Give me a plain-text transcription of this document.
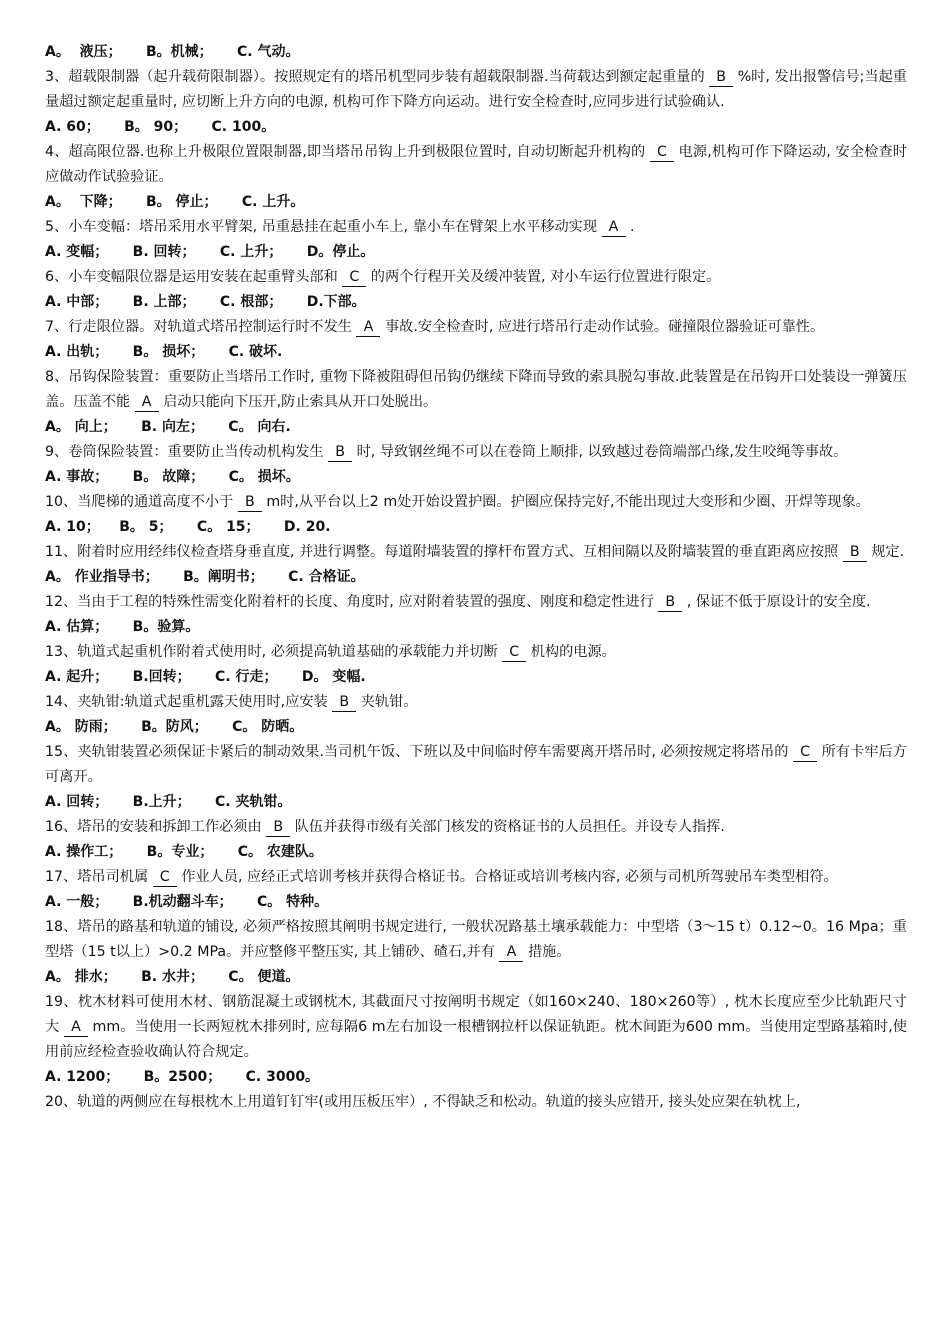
A。  液压；     B。机械；     C. 气动。

3、超载限制器（起升载荷限制器）。按照规定有的塔吊机型同步装有超载限制器.当荷载达到额定起重量的 B %时, 发出报警信号;当起重量超过额定起重量时, 应切断上升方向的电源, 机构可作下降方向运动。进行安全检查时,应同步进行试验确认.

A. 60；     B。 90；     C. 100。

4、超高限位器.也称上升极限位置限制器,即当塔吊吊钩上升到极限位置时, 自动切断起升机构的 C 电源,机构可作下降运动, 安全检查时应做动作试验验证。

A。  下降；     B。 停止；     C. 上升。

5、小车变幅：塔吊采用水平臂架, 吊重悬挂在起重小车上, 靠小车在臂架上水平移动实现 A .

A. 变幅；     B. 回转；     C. 上升；     D。停止。

6、小车变幅限位器是运用安装在起重臂头部和 C 的两个行程开关及缓冲装置, 对小车运行位置进行限定。

A. 中部；     B. 上部；     C. 根部；     D.下部。

7、行走限位器。对轨道式塔吊控制运行时不发生 A 事故.安全检查时, 应进行塔吊行走动作试验。碰撞限位器验证可靠性。

A. 出轨；     B。 损坏；     C. 破坏.

8、吊钩保险装置：重要防止当塔吊工作时, 重物下降被阻碍但吊钩仍继续下降而导致的索具脱勾事故.此装置是在吊钩开口处装设一弹簧压盖。压盖不能 A 启动只能向下压开,防止索具从开口处脱出。

A。 向上；     B. 向左；     C。 向右.

9、卷筒保险装置：重要防止当传动机构发生 B 时, 导致钢丝绳不可以在卷筒上顺排, 以致越过卷筒端部凸缘,发生咬绳等事故。

A. 事故；     B。 故障；     C。 损坏。

10、当爬梯的通道高度不小于 B m时,从平台以上2 m处开始设置护圈。护圈应保持完好,不能出现过大变形和少圈、开焊等现象。

A. 10；    B。 5；     C。 15；     D. 20.

11、附着时应用经纬仪检查塔身垂直度, 并进行调整。每道附墙装置的撑杆布置方式、互相间隔以及附墙装置的垂直距离应按照 B 规定.

A。 作业指导书；     B。阐明书；     C. 合格证。

12、当由于工程的特殊性需变化附着杆的长度、角度时, 应对附着装置的强度、刚度和稳定性进行 B , 保证不低于原设计的安全度.

A. 估算；     B。验算。

13、轨道式起重机作附着式使用时, 必须提高轨道基础的承载能力并切断 C 机构的电源。

A. 起升；     B.回转；     C. 行走；     D。 变幅.

14、夹轨钳:轨道式起重机露天使用时,应安装 B 夹轨钳。

A。 防雨；     B。防风；     C。 防晒。

15、夹轨钳装置必须保证卡紧后的制动效果.当司机午饭、下班以及中间临时停车需要离开塔吊时, 必须按规定将塔吊的 C 所有卡牢后方可离开。

A. 回转；     B.上升；     C. 夹轨钳。

16、塔吊的安装和拆卸工作必须由 B 队伍并获得市级有关部门核发的资格证书的人员担任。并设专人指挥.

A. 操作工；     B。专业；     C。 农建队。

17、塔吊司机属 C 作业人员, 应经正式培训考核并获得合格证书。合格证或培训考核内容, 必须与司机所驾驶吊车类型相符。

A. 一般；     B.机动翻斗车；     C。 特种。

18、塔吊的路基和轨道的铺设, 必须严格按照其阐明书规定进行, 一般状况路基土壤承载能力：中型塔（3～15 t）0.12~0。16 Mpa；重型塔（15 t以上）>0.2 MPa。并应整修平整压实, 其上铺砂、碴石,并有 A 措施。

A。 排水；     B. 水井；     C。 便道。

19、枕木材料可使用木材、钢筋混凝土或钢枕木, 其截面尺寸按阐明书规定（如160×240、180×260等）, 枕木长度应至少比轨距尺寸大 A mm。当使用一长两短枕木排列时, 应每隔6 m左右加设一根槽钢拉杆以保证轨距。枕木间距为600 mm。当使用定型路基箱时,使用前应经检查验收确认符合规定。

A. 1200；     B。2500；     C. 3000。

20、轨道的两侧应在每根枕木上用道钉钉牢(或用压板压牢）, 不得缺乏和松动。轨道的接头应错开, 接头处应架在轨枕上,
